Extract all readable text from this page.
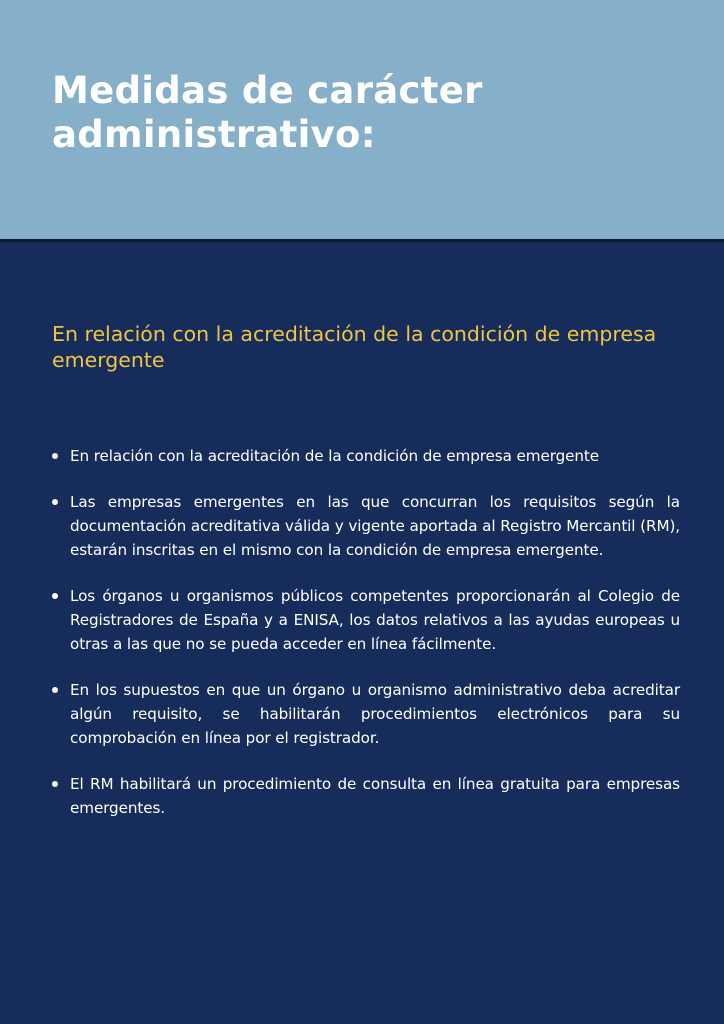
Medidas de carácter
administrativo:
En relación con la acreditación de la condición de empresa emergente
En relación con la acreditación de la condición de empresa emergente
Las empresas emergentes en las que concurran los requisitos según la documentación acreditativa válida y vigente aportada al Registro Mercantil (RM), estarán inscritas en el mismo con la condición de empresa emergente.
Los órganos u organismos públicos competentes proporcionarán al Colegio de Registradores de España y a ENISA, los datos relativos a las ayudas europeas u otras a las que no se pueda acceder en línea fácilmente.
En los supuestos en que un órgano u organismo administrativo deba acreditar algún requisito, se habilitarán procedimientos electrónicos para su comprobación en línea por el registrador.
El RM habilitará un procedimiento de consulta en línea gratuita para empresas emergentes.
